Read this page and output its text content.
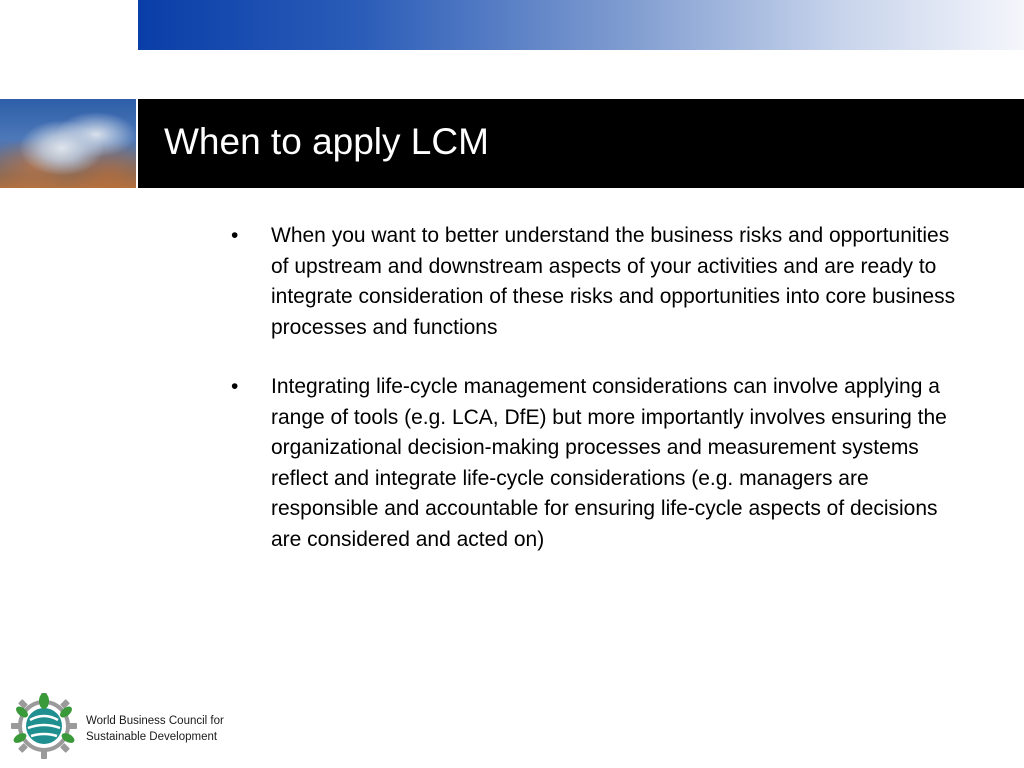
When to apply LCM
• When you want to better understand the business risks and opportunities of upstream and downstream aspects of your activities and are ready to integrate consideration of these risks and opportunities into core business processes and functions
• Integrating life-cycle management considerations can involve applying a range of tools (e.g. LCA, DfE) but more importantly involves ensuring the organizational decision-making processes and measurement systems reflect and integrate life-cycle considerations (e.g. managers are responsible and accountable for ensuring life-cycle aspects of decisions are considered and acted on)
World Business Council for
Sustainable Development
